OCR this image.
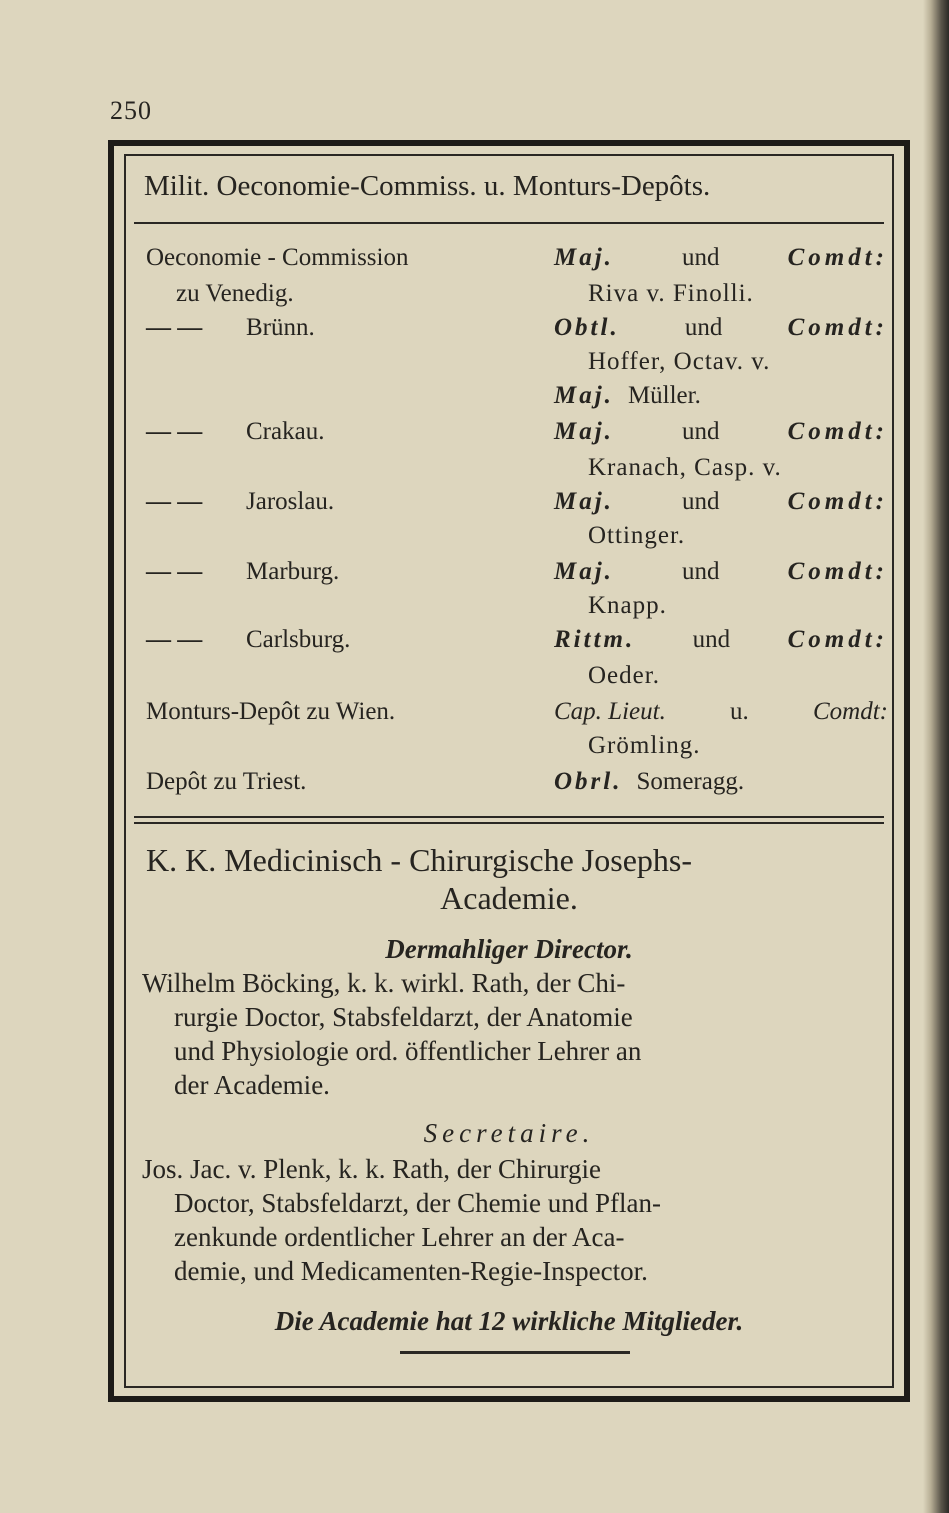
250
Milit. Oeconomie-Commiss. u. Monturs-Depôts.
Oeconomie - Commission	Maj.	und	Comdt:
zu Venedig.	Riva v. Finolli.
— — Brünn.	Obtl.	und	Comdt:
Hoffer, Octav. v.
Maj. Müller.
— — Crakau.	Maj.	und	Comdt:
Kranach, Casp. v.
— — Jaroslau.	Maj.	und	Comdt:
Ottinger.
— — Marburg.	Maj.	und	Comdt:
Knapp.
— — Carlsburg.	Rittm. und Comdt:
Oeder.
Monturs-Depôt zu Wien.	Cap. Lieut.	u.	Comdt:
Grömling.
Depôt zu Triest.	Obrl. Someragg.
K. K. Medicinisch - Chirurgische Josephs-
Academie.
Dermahliger Director.
Wilhelm Böcking, k. k. wirkl. Rath, der Chi-
rurgie Doctor, Stabsfeldarzt, der Anatomie
und Physiologie ord. öffentlicher Lehrer an
der Academie.
Secretaire.
Jos. Jac. v. Plenk, k. k. Rath, der Chirurgie
Doctor, Stabsfeldarzt, der Chemie und Pflan-
zenkunde ordentlicher Lehrer an der Aca-
demie, und Medicamenten-Regie-Inspector.
Die Academie hat 12 wirkliche Mitglieder.
